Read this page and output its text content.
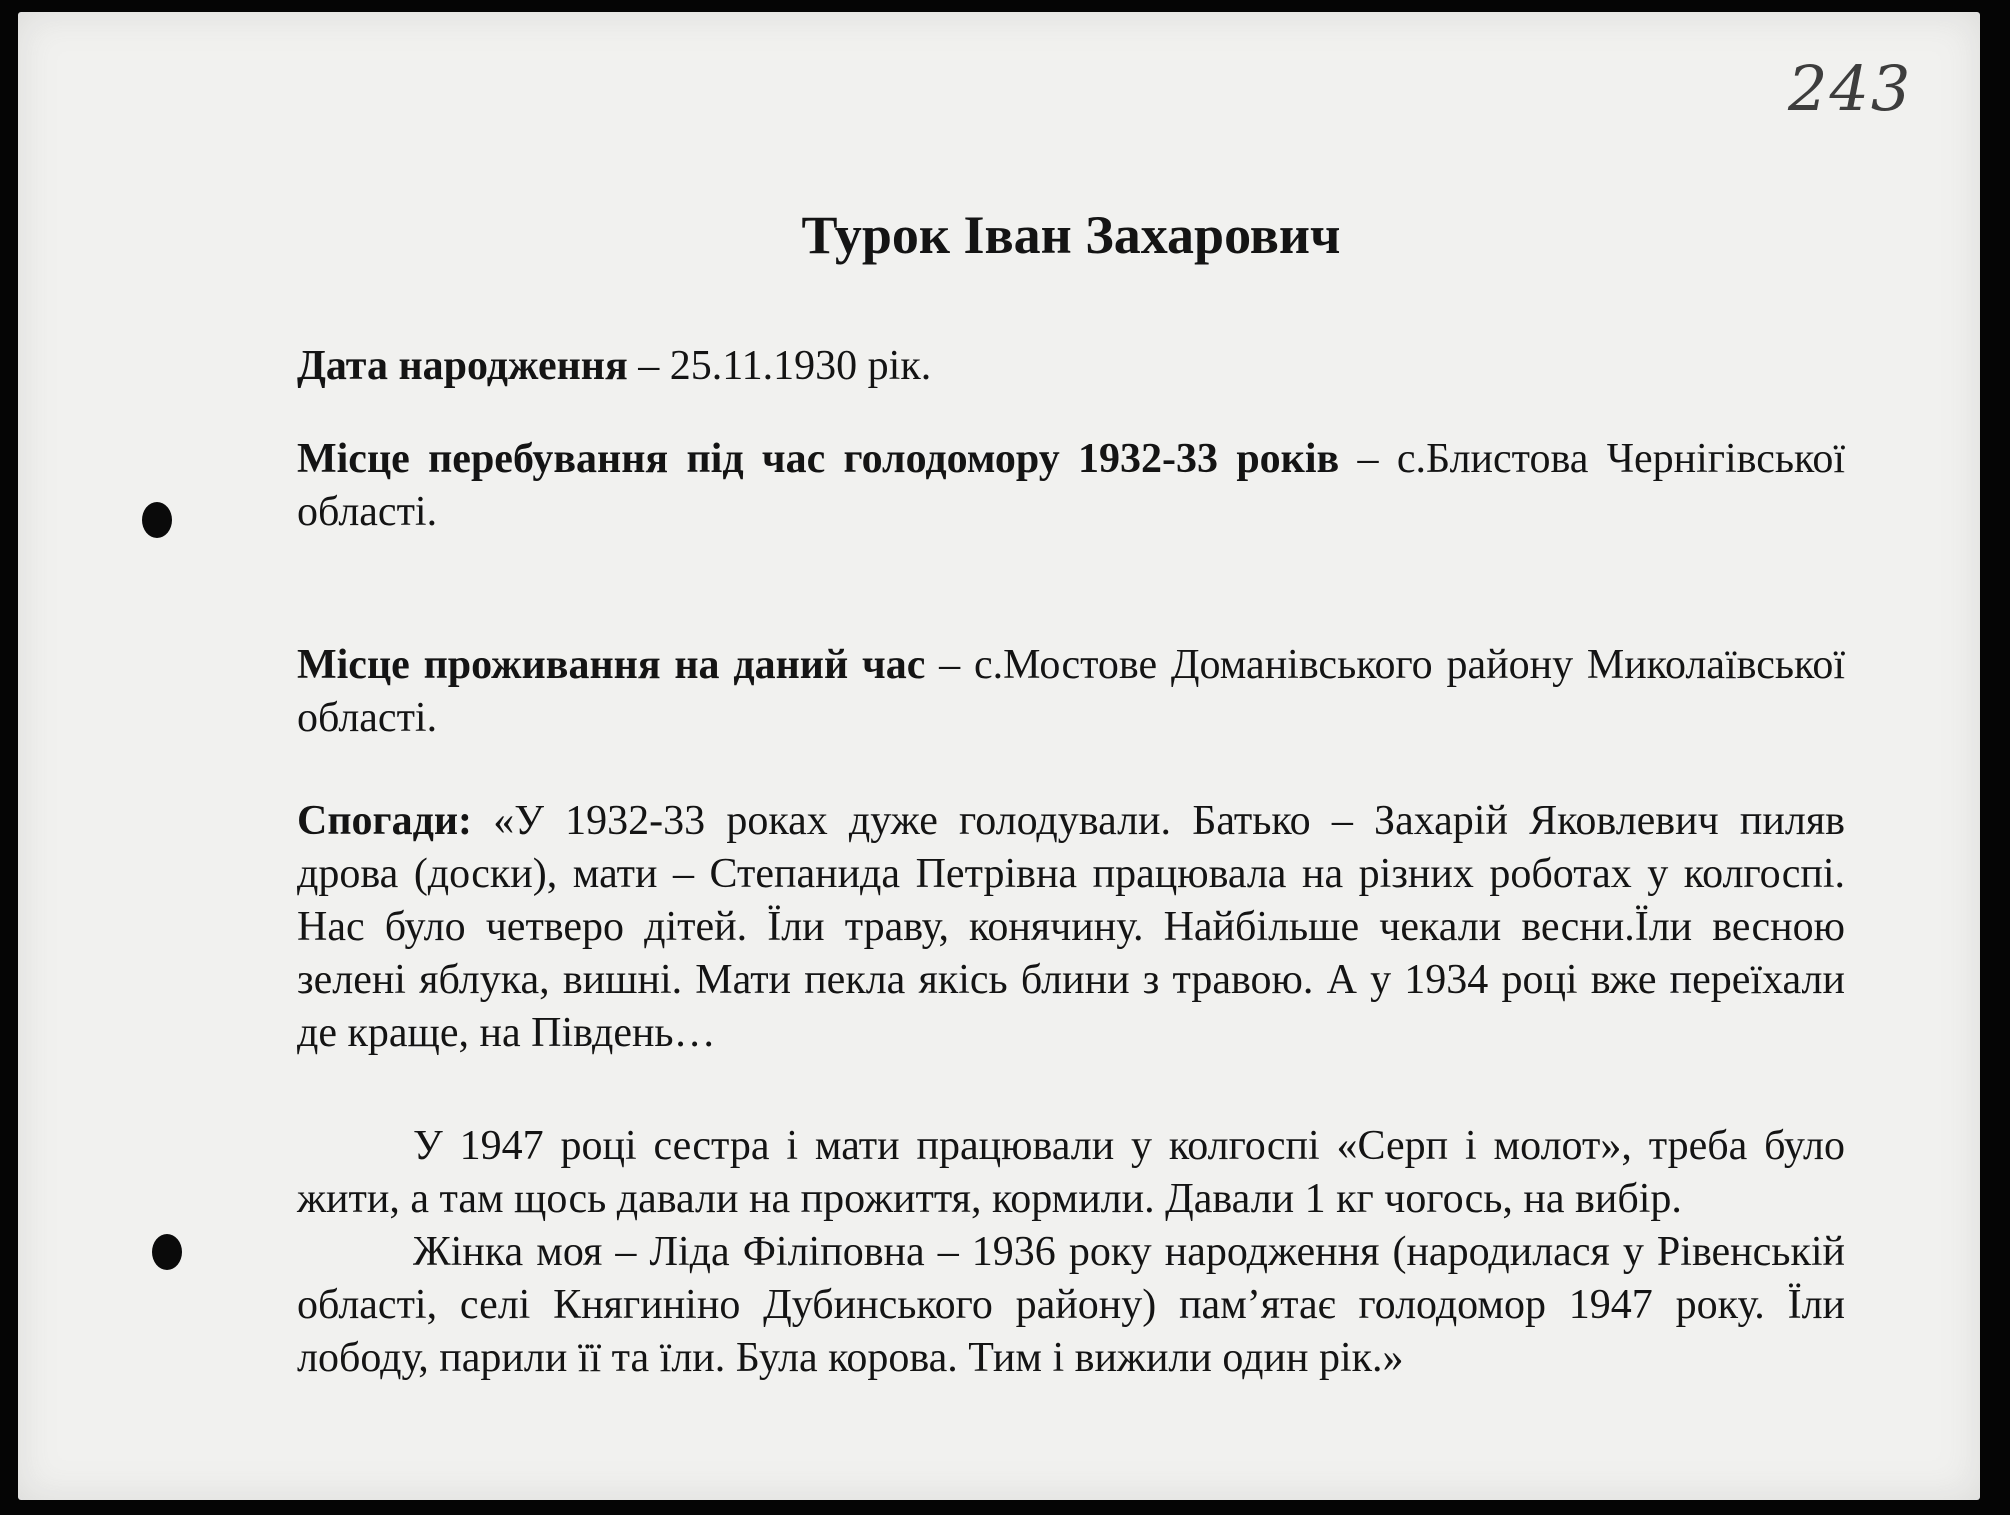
243

Турок Іван Захарович

Дата народження – 25.11.1930 рік.

Місце перебування під час голодомору 1932-33 років – с.Блистова Чернігівської області.

Місце проживання на даний час – с.Мостове Доманівського району Миколаївської області.

Спогади: «У 1932-33 роках дуже голодували. Батько – Захарій Яковлевич пиляв дрова (доски), мати – Степанида Петрівна працювала на різних роботах у колгоспі. Нас було четверо дітей. Їли траву, конячину. Найбільше чекали весни.Їли весною зелені яблука, вишні. Мати пекла якісь блини з травою. А у 1934 році вже переїхали де краще, на Південь…

У 1947 році сестра і мати працювали у колгоспі «Серп і молот», треба було жити, а там щось давали на прожиття, кормили. Давали 1 кг чогось, на вибір.

Жінка моя – Ліда Філіповна – 1936 року народження (народилася у Рівенській області, селі Княгиніно Дубинського району) пам’ятає голодомор 1947 року. Їли лободу, парили її та їли. Була корова. Тим і вижили один рік.»
